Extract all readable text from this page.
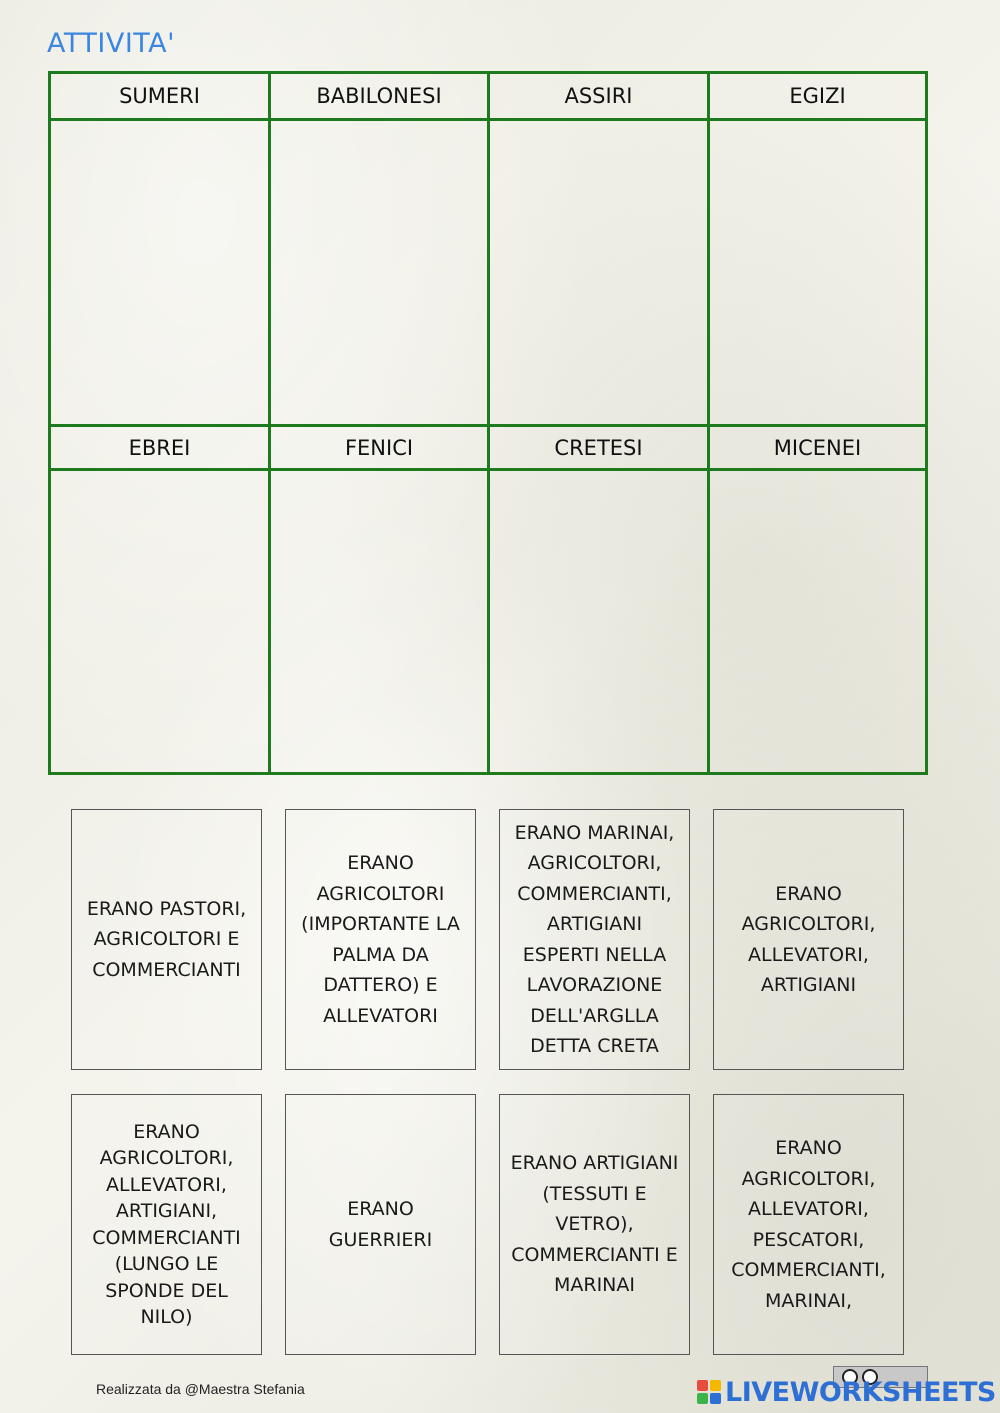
ATTIVITA'
SUMERI	BABILONESI	ASSIRI	EGIZI
EBREI	FENICI	CRETESI	MICENEI
ERANO PASTORI,
AGRICOLTORI E
COMMERCIANTI
ERANO
AGRICOLTORI
(IMPORTANTE LA
PALMA DA
DATTERO) E
ALLEVATORI
ERANO MARINAI,
AGRICOLTORI,
COMMERCIANTI,
ARTIGIANI
ESPERTI NELLA
LAVORAZIONE
DELL'ARGLLA
DETTA CRETA
ERANO
AGRICOLTORI,
ALLEVATORI,
ARTIGIANI
ERANO
AGRICOLTORI,
ALLEVATORI,
ARTIGIANI,
COMMERCIANTI
(LUNGO LE
SPONDE DEL
NILO)
ERANO
GUERRIERI
ERANO ARTIGIANI
(TESSUTI E
VETRO),
COMMERCIANTI E
MARINAI
ERANO
AGRICOLTORI,
ALLEVATORI,
PESCATORI,
COMMERCIANTI,
MARINAI,
Realizzata da @Maestra Stefania	LIVEWORKSHEETS
